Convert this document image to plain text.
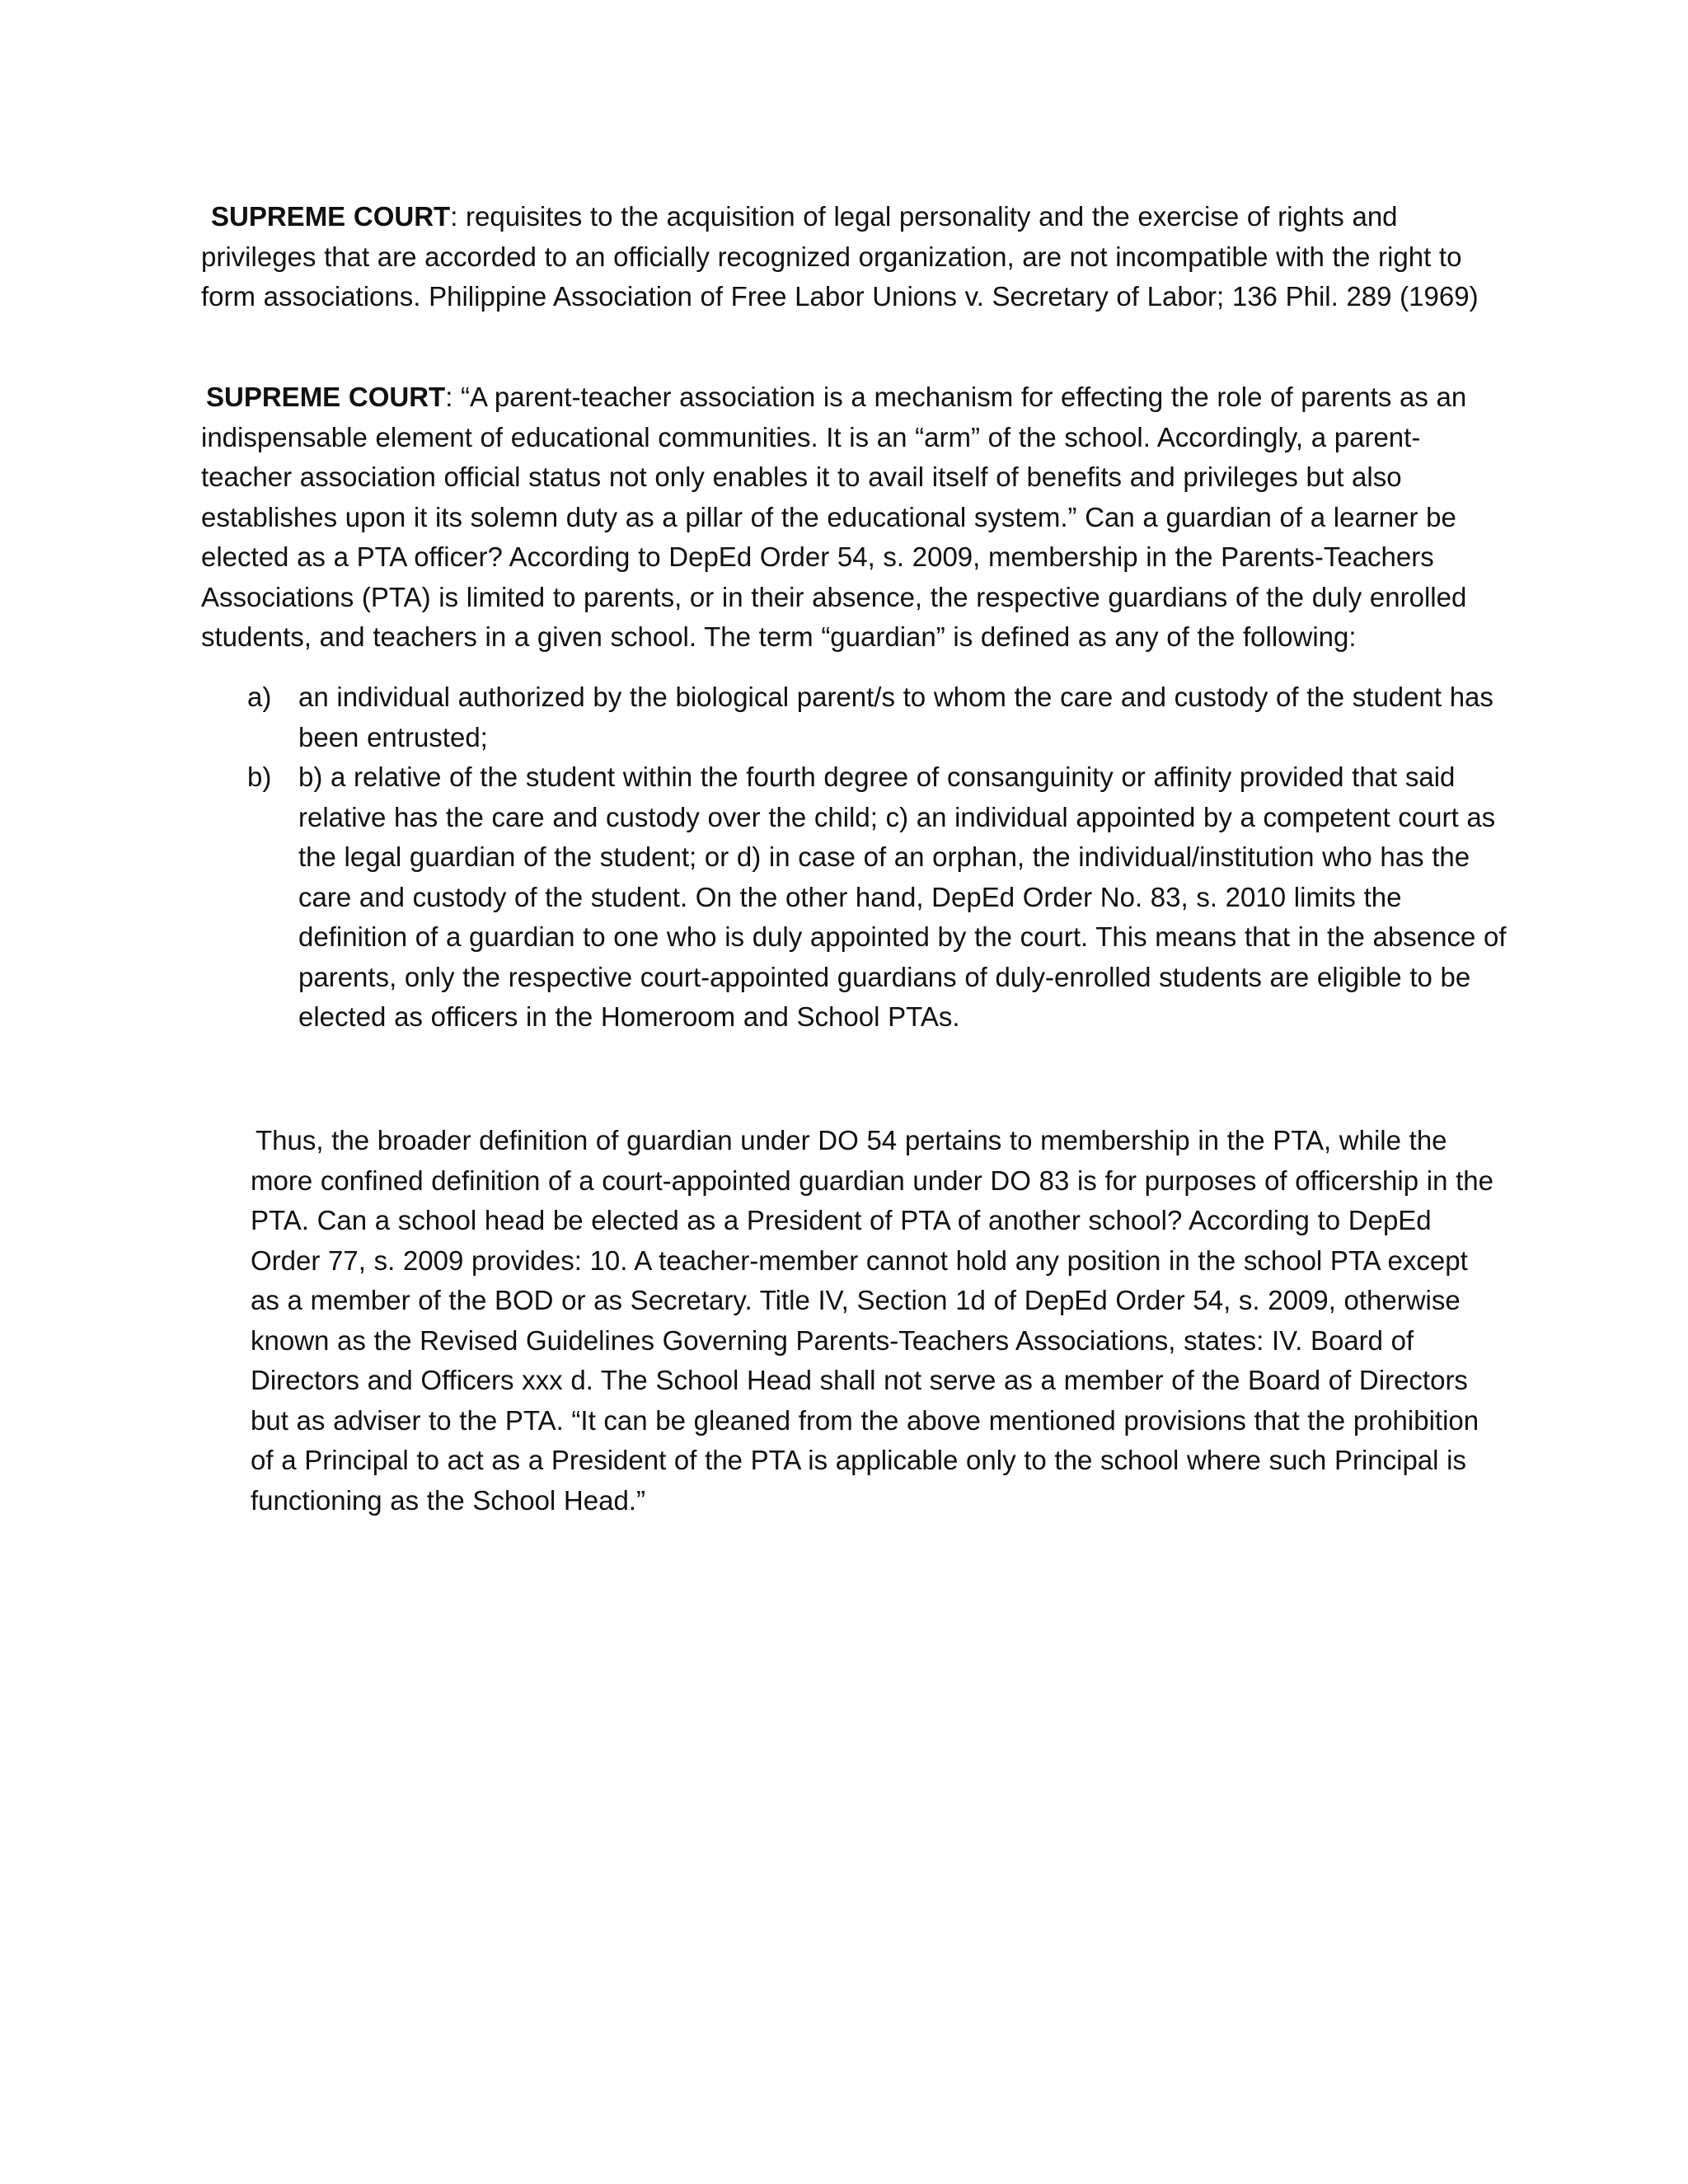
SUPREME COURT: requisites to the acquisition of legal personality and the exercise of rights and privileges that are accorded to an officially recognized organization, are not incompatible with the right to form associations. Philippine Association of Free Labor Unions v. Secretary of Labor; 136 Phil. 289 (1969)

SUPREME COURT: “A parent-teacher association is a mechanism for effecting the role of parents as an indispensable element of educational communities. It is an “arm” of the school. Accordingly, a parent-teacher association official status not only enables it to avail itself of benefits and privileges but also establishes upon it its solemn duty as a pillar of the educational system.” Can a guardian of a learner be elected as a PTA officer? According to DepEd Order 54, s. 2009, membership in the Parents-Teachers Associations (PTA) is limited to parents, or in their absence, the respective guardians of the duly enrolled students, and teachers in a given school. The term “guardian” is defined as any of the following:

a) an individual authorized by the biological parent/s to whom the care and custody of the student has been entrusted;
b) b) a relative of the student within the fourth degree of consanguinity or affinity provided that said relative has the care and custody over the child; c) an individual appointed by a competent court as the legal guardian of the student; or d) in case of an orphan, the individual/institution who has the care and custody of the student. On the other hand, DepEd Order No. 83, s. 2010 limits the definition of a guardian to one who is duly appointed by the court. This means that in the absence of parents, only the respective court-appointed guardians of duly-enrolled students are eligible to be elected as officers in the Homeroom and School PTAs.

Thus, the broader definition of guardian under DO 54 pertains to membership in the PTA, while the more confined definition of a court-appointed guardian under DO 83 is for purposes of officership in the PTA. Can a school head be elected as a President of PTA of another school? According to DepEd Order 77, s. 2009 provides: 10. A teacher-member cannot hold any position in the school PTA except as a member of the BOD or as Secretary. Title IV, Section 1d of DepEd Order 54, s. 2009, otherwise known as the Revised Guidelines Governing Parents-Teachers Associations, states: IV. Board of Directors and Officers xxx d. The School Head shall not serve as a member of the Board of Directors but as adviser to the PTA. “It can be gleaned from the above mentioned provisions that the prohibition of a Principal to act as a President of the PTA is applicable only to the school where such Principal is functioning as the School Head.”
